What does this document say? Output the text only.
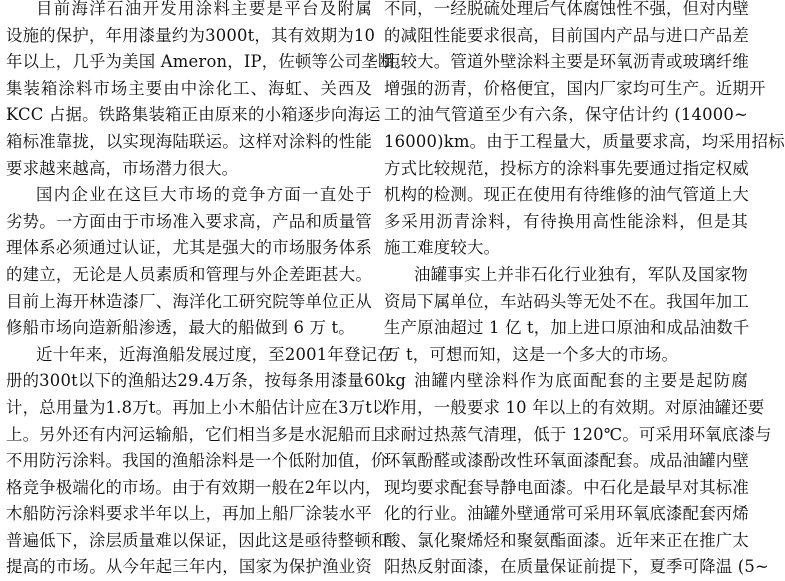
目前海洋石油开发用涂料主要是平台及附属
设施的保护，年用漆量约为3000t，其有效期为10
年以上，几乎为美国 Ameron，IP，佐顿等公司垄断。
集装箱涂料市场主要由中涂化工、海虹、关西及
KCC 占据。铁路集装箱正由原来的小箱逐步向海运
箱标准靠拢，以实现海陆联运。这样对涂料的性能
要求越来越高，市场潜力很大。
国内企业在这巨大市场的竞争方面一直处于
劣势。一方面由于市场准入要求高，产品和质量管
理体系必须通过认证，尤其是强大的市场服务体系
的建立，无论是人员素质和管理与外企差距甚大。
目前上海开林造漆厂、海洋化工研究院等单位正从
修船市场向造新船渗透，最大的船做到 6 万 t。
近十年来，近海渔船发展过度，至2001年登记在
册的300t以下的渔船达29.4万条，按每条用漆量60kg
计，总用量为1.8万t。再加上小木船估计应在3万t以
上。另外还有内河运输船，它们相当多是水泥船而且
不用防污涂料。我国的渔船涂料是一个低附加值，价
格竞争极端化的市场。由于有效期一般在2年以内，
木船防污涂料要求半年以上，再加上船厂涂装水平
普遍低下，涂层质量难以保证，因此这是亟待整顿和
提高的市场。从今年起三年内，国家为保护渔业资
不同，一经脱硫处理后气体腐蚀性不强，但对内壁
的减阻性能要求很高，目前国内产品与进口产品差
距较大。管道外壁涂料主要是环氧沥青或玻璃纤维
增强的沥青，价格便宜，国内厂家均可生产。近期开
工的油气管道至少有六条，保守估计约 (14000~
16000)km。由于工程量大，质量要求高，均采用招标
方式比较规范，投标方的涂料事先要通过指定权威
机构的检测。现正在使用有待维修的油气管道上大
多采用沥青涂料，有待换用高性能涂料，但是其
施工难度较大。
油罐事实上并非石化行业独有，军队及国家物
资局下属单位，车站码头等无处不在。我国年加工
生产原油超过 1 亿 t，加上进口原油和成品油数千
万 t，可想而知，这是一个多大的市场。
油罐内壁涂料作为底面配套的主要是起防腐
作用，一般要求 10 年以上的有效期。对原油罐还要
求耐过热蒸气清理，低于 120℃。可采用环氧底漆与
环氧酚醛或漆酚改性环氧面漆配套。成品油罐内壁
现均要求配套导静电面漆。中石化是最早对其标准
化的行业。油罐外壁通常可采用环氧底漆配套丙烯
酸、氯化聚烯烃和聚氨酯面漆。近年来正在推广太
阳热反射面漆，在质量保证前提下，夏季可降温 (5~
